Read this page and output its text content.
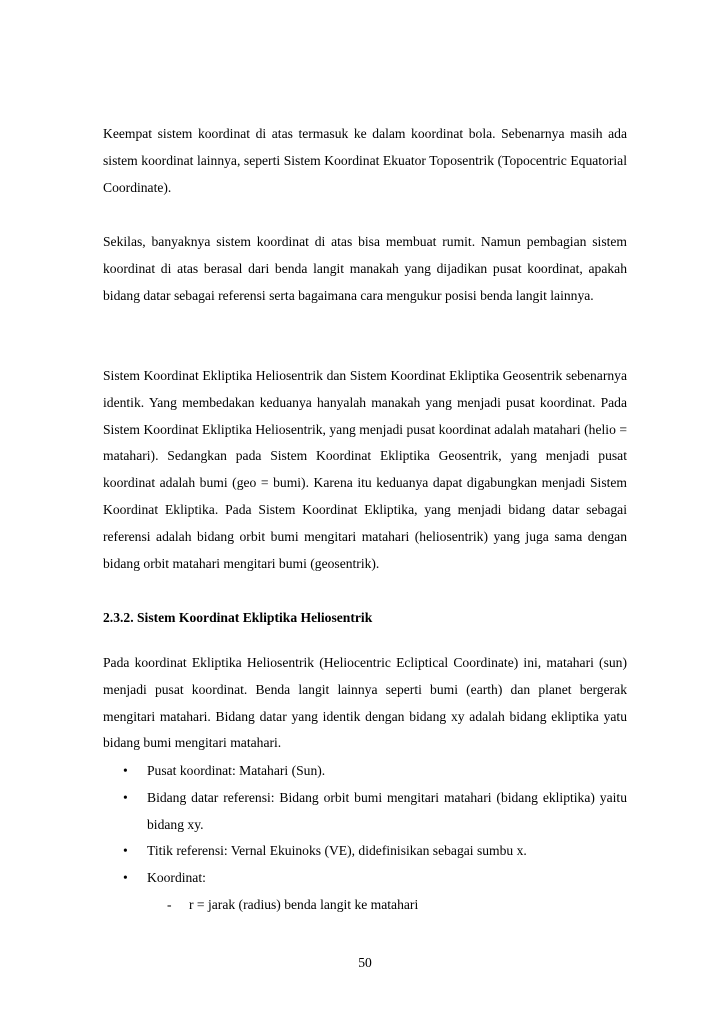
Keempat sistem koordinat di atas termasuk ke dalam koordinat bola. Sebenarnya masih ada sistem koordinat lainnya, seperti Sistem Koordinat Ekuator Toposentrik (Topocentric Equatorial Coordinate).

Sekilas, banyaknya sistem koordinat di atas bisa membuat rumit. Namun pembagian sistem koordinat di atas berasal dari benda langit manakah yang dijadikan pusat koordinat, apakah bidang datar sebagai referensi serta bagaimana cara mengukur posisi benda langit lainnya.

Sistem Koordinat Ekliptika Heliosentrik dan Sistem Koordinat Ekliptika Geosentrik sebenarnya identik. Yang membedakan keduanya hanyalah manakah yang menjadi pusat koordinat. Pada Sistem Koordinat Ekliptika Heliosentrik, yang menjadi pusat koordinat adalah matahari (helio = matahari). Sedangkan pada Sistem Koordinat Ekliptika Geosentrik, yang menjadi pusat koordinat adalah bumi (geo = bumi). Karena itu keduanya dapat digabungkan menjadi Sistem Koordinat Ekliptika. Pada Sistem Koordinat Ekliptika, yang menjadi bidang datar sebagai referensi adalah bidang orbit bumi mengitari matahari (heliosentrik) yang juga sama dengan bidang orbit matahari mengitari bumi (geosentrik).

2.3.2. Sistem Koordinat Ekliptika Heliosentrik

Pada koordinat Ekliptika Heliosentrik (Heliocentric Ecliptical Coordinate) ini, matahari (sun) menjadi pusat koordinat. Benda langit lainnya seperti bumi (earth) dan planet bergerak mengitari matahari. Bidang datar yang identik dengan bidang xy adalah bidang ekliptika yatu bidang bumi mengitari matahari.

• Pusat koordinat: Matahari (Sun).
• Bidang datar referensi: Bidang orbit bumi mengitari matahari (bidang ekliptika) yaitu bidang xy.
• Titik referensi: Vernal Ekuinoks (VE), didefinisikan sebagai sumbu x.
• Koordinat:
- r = jarak (radius) benda langit ke matahari
50
